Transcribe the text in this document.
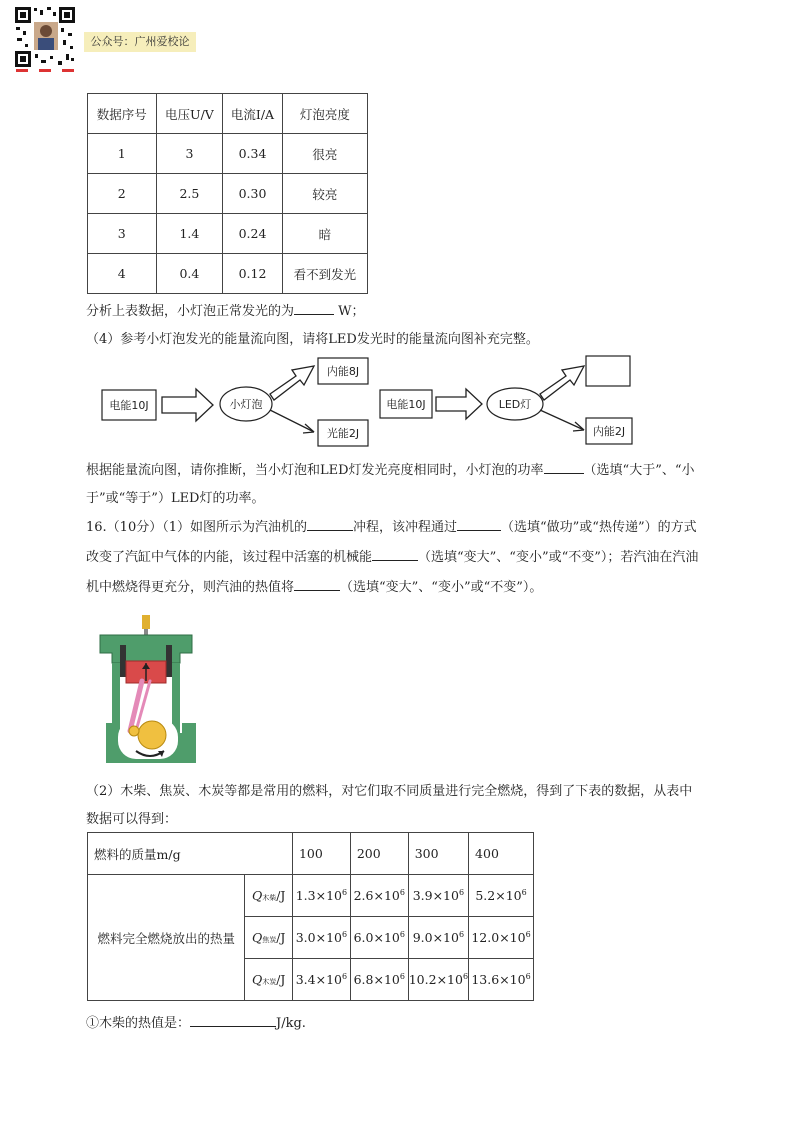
公众号：广州爱校论
数据序号	电压U/V	电流I/A	灯泡亮度
1	3	0.34	很亮
2	2.5	0.30	较亮
3	1.4	0.24	暗
4	0.4	0.12	看不到发光
分析上表数据，小灯泡正常发光的为	W；
（4）参考小灯泡发光的能量流向图，请将LED发光时的能量流向图补充完整。
电能10J	小灯泡
内能8J
光能2J
电能10J	LED灯
内能2J
根据能量流向图，请你推断，当小灯泡和LED灯发光亮度相同时，小灯泡的功率	（选填“大于”、“小
于”或“等于”）LED灯的功率。
16.（10分）（1）如图所示为汽油机的	冲程，该冲程通过	（选填“做功”或“热传递”）的方式
改变了汽缸中气体的内能，该过程中活塞的机械能	（选填“变大”、“变小”或“不变”）；若汽油在汽油
机中燃烧得更充分，则汽油的热值将	（选填“变大”、“变小”或“不变”）。
（2）木柴、焦炭、木炭等都是常用的燃料，对它们取不同质量进行完全燃烧，得到了下表的数据，从表中
数据可以得到：
燃料的质量m/g		100	200	300	400
燃料完全燃烧放出的热量	Q木柴/J	$1.3\times 10^6$	$2.6\times 10^6$	$3.9\times 10^6$	$5.2\times 10^6$
	Q焦炭/J	$3.0\times 10^6$	$6.0\times 10^6$	$9.0\times 10^6$	$12.0\times 10^6$
	Q木炭/J	$3.4\times 10^6$	$6.8\times 10^6$	$10.2\times 10^6$	$13.6\times 10^6$
①木柴的热值是：	J/kg.
